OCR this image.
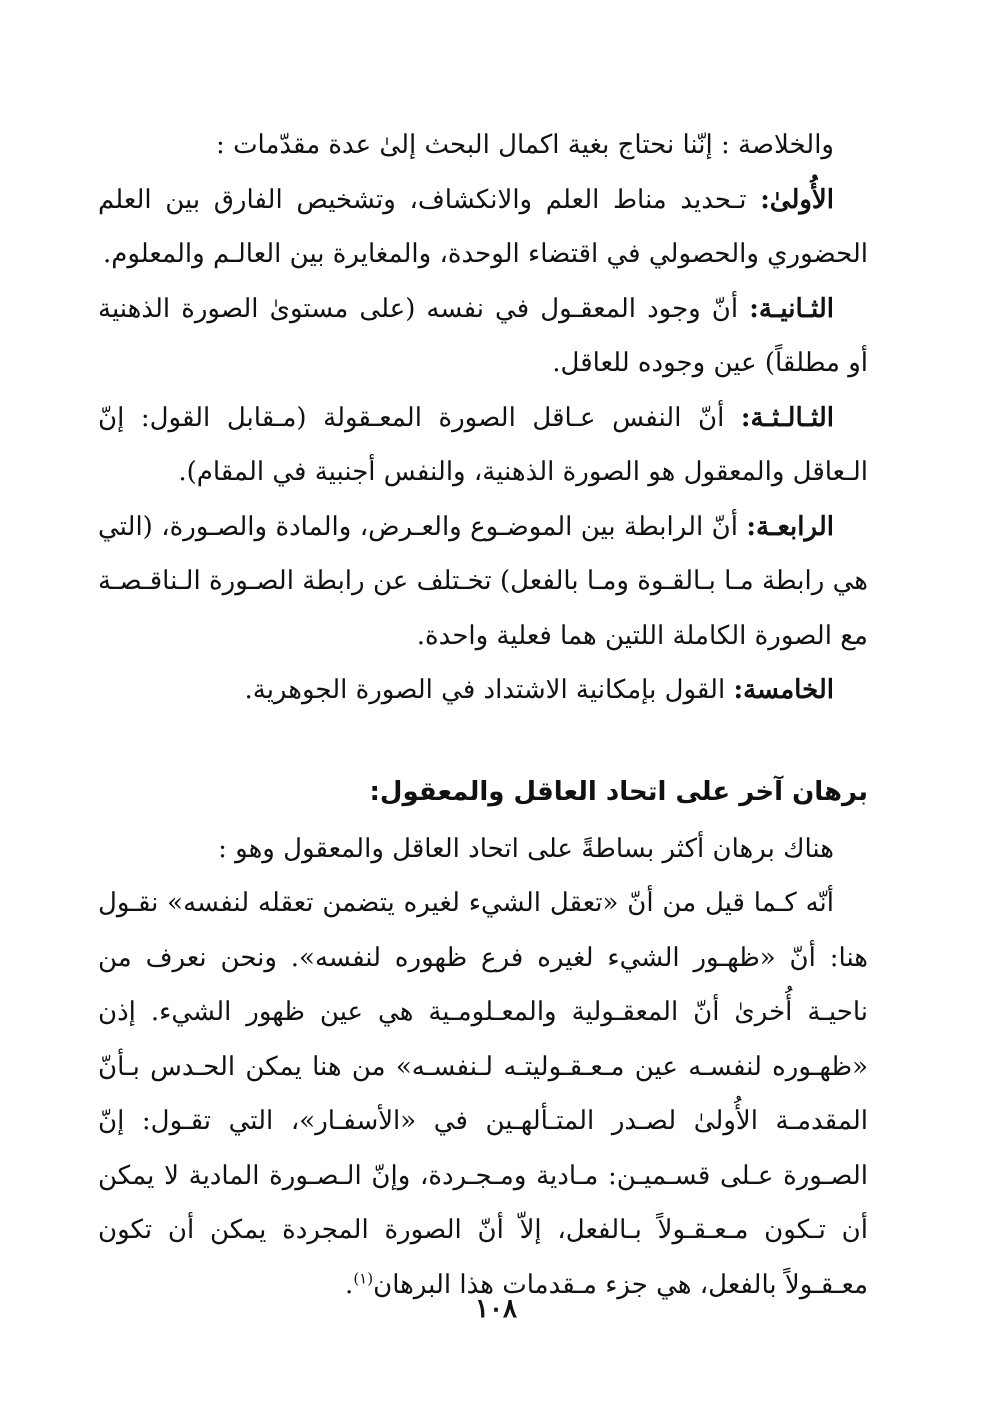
والخلاصة : إنّنا نحتاج بغية اكمال البحث إلىٰ عدة مقدّمات :

الأُولىٰ: تـحديد مناط العلم والانكشاف، وتشخيص الفارق بين العلم الحضوري والحصولي في اقتضاء الوحدة، والمغايرة بين العالـم والمعلوم.

الثـانيـة: أنّ وجود المعقـول في نفسه (على مستوىٰ الصورة الذهنية أو مطلقاً) عين وجوده للعاقل.

الثـالـثـة: أنّ النفس عـاقل الصورة المعـقولة (مـقابل القول: إنّ الـعاقل والمعقول هو الصورة الذهنية، والنفس أجنبية في المقام).

الرابعـة: أنّ الرابطة بين الموضـوع والعـرض، والمادة والصـورة، (التي هي رابطة مـا بـالقـوة ومـا بالفعل) تخـتلف عن رابطة الصـورة الـناقـصـة مع الصورة الكاملة اللتين هما فعلية واحدة.

الخامسة: القول بإمكانية الاشتداد في الصورة الجوهرية.

برهان آخر على اتحاد العاقل والمعقول:

هناك برهان أكثر بساطةً على اتحاد العاقل والمعقول وهو :

أنّه كـما قيل من أنّ «تعقل الشيء لغيره يتضمن تعقله لنفسه» نقـول هنا: أنّ «ظهـور الشيء لغيره فرع ظهوره لنفسه». ونحن نعرف من ناحيـة أُخرىٰ أنّ المعقـولية والمعـلومـية هي عين ظهور الشيء. إذن «ظهـوره لنفسـه عين مـعـقـوليتـه لـنفسـه» من هنا يمكن الحـدس بـأنّ المقدمـة الأُولىٰ لصـدر المتـألهـين في «الأسفـار»، التي تقـول: إنّ الصـورة عـلى قسـميـن: مـادية ومـجـردة، وإنّ الـصـورة المادية لا يمكن أن تـكون مـعـقـولاً بـالفعل، إلاّ أنّ الصورة المجردة يمكن أن تكون معـقـولاً بالفعل، هي جزء مـقدمات هذا البرهان$^{(١)}$.

١٠٨
